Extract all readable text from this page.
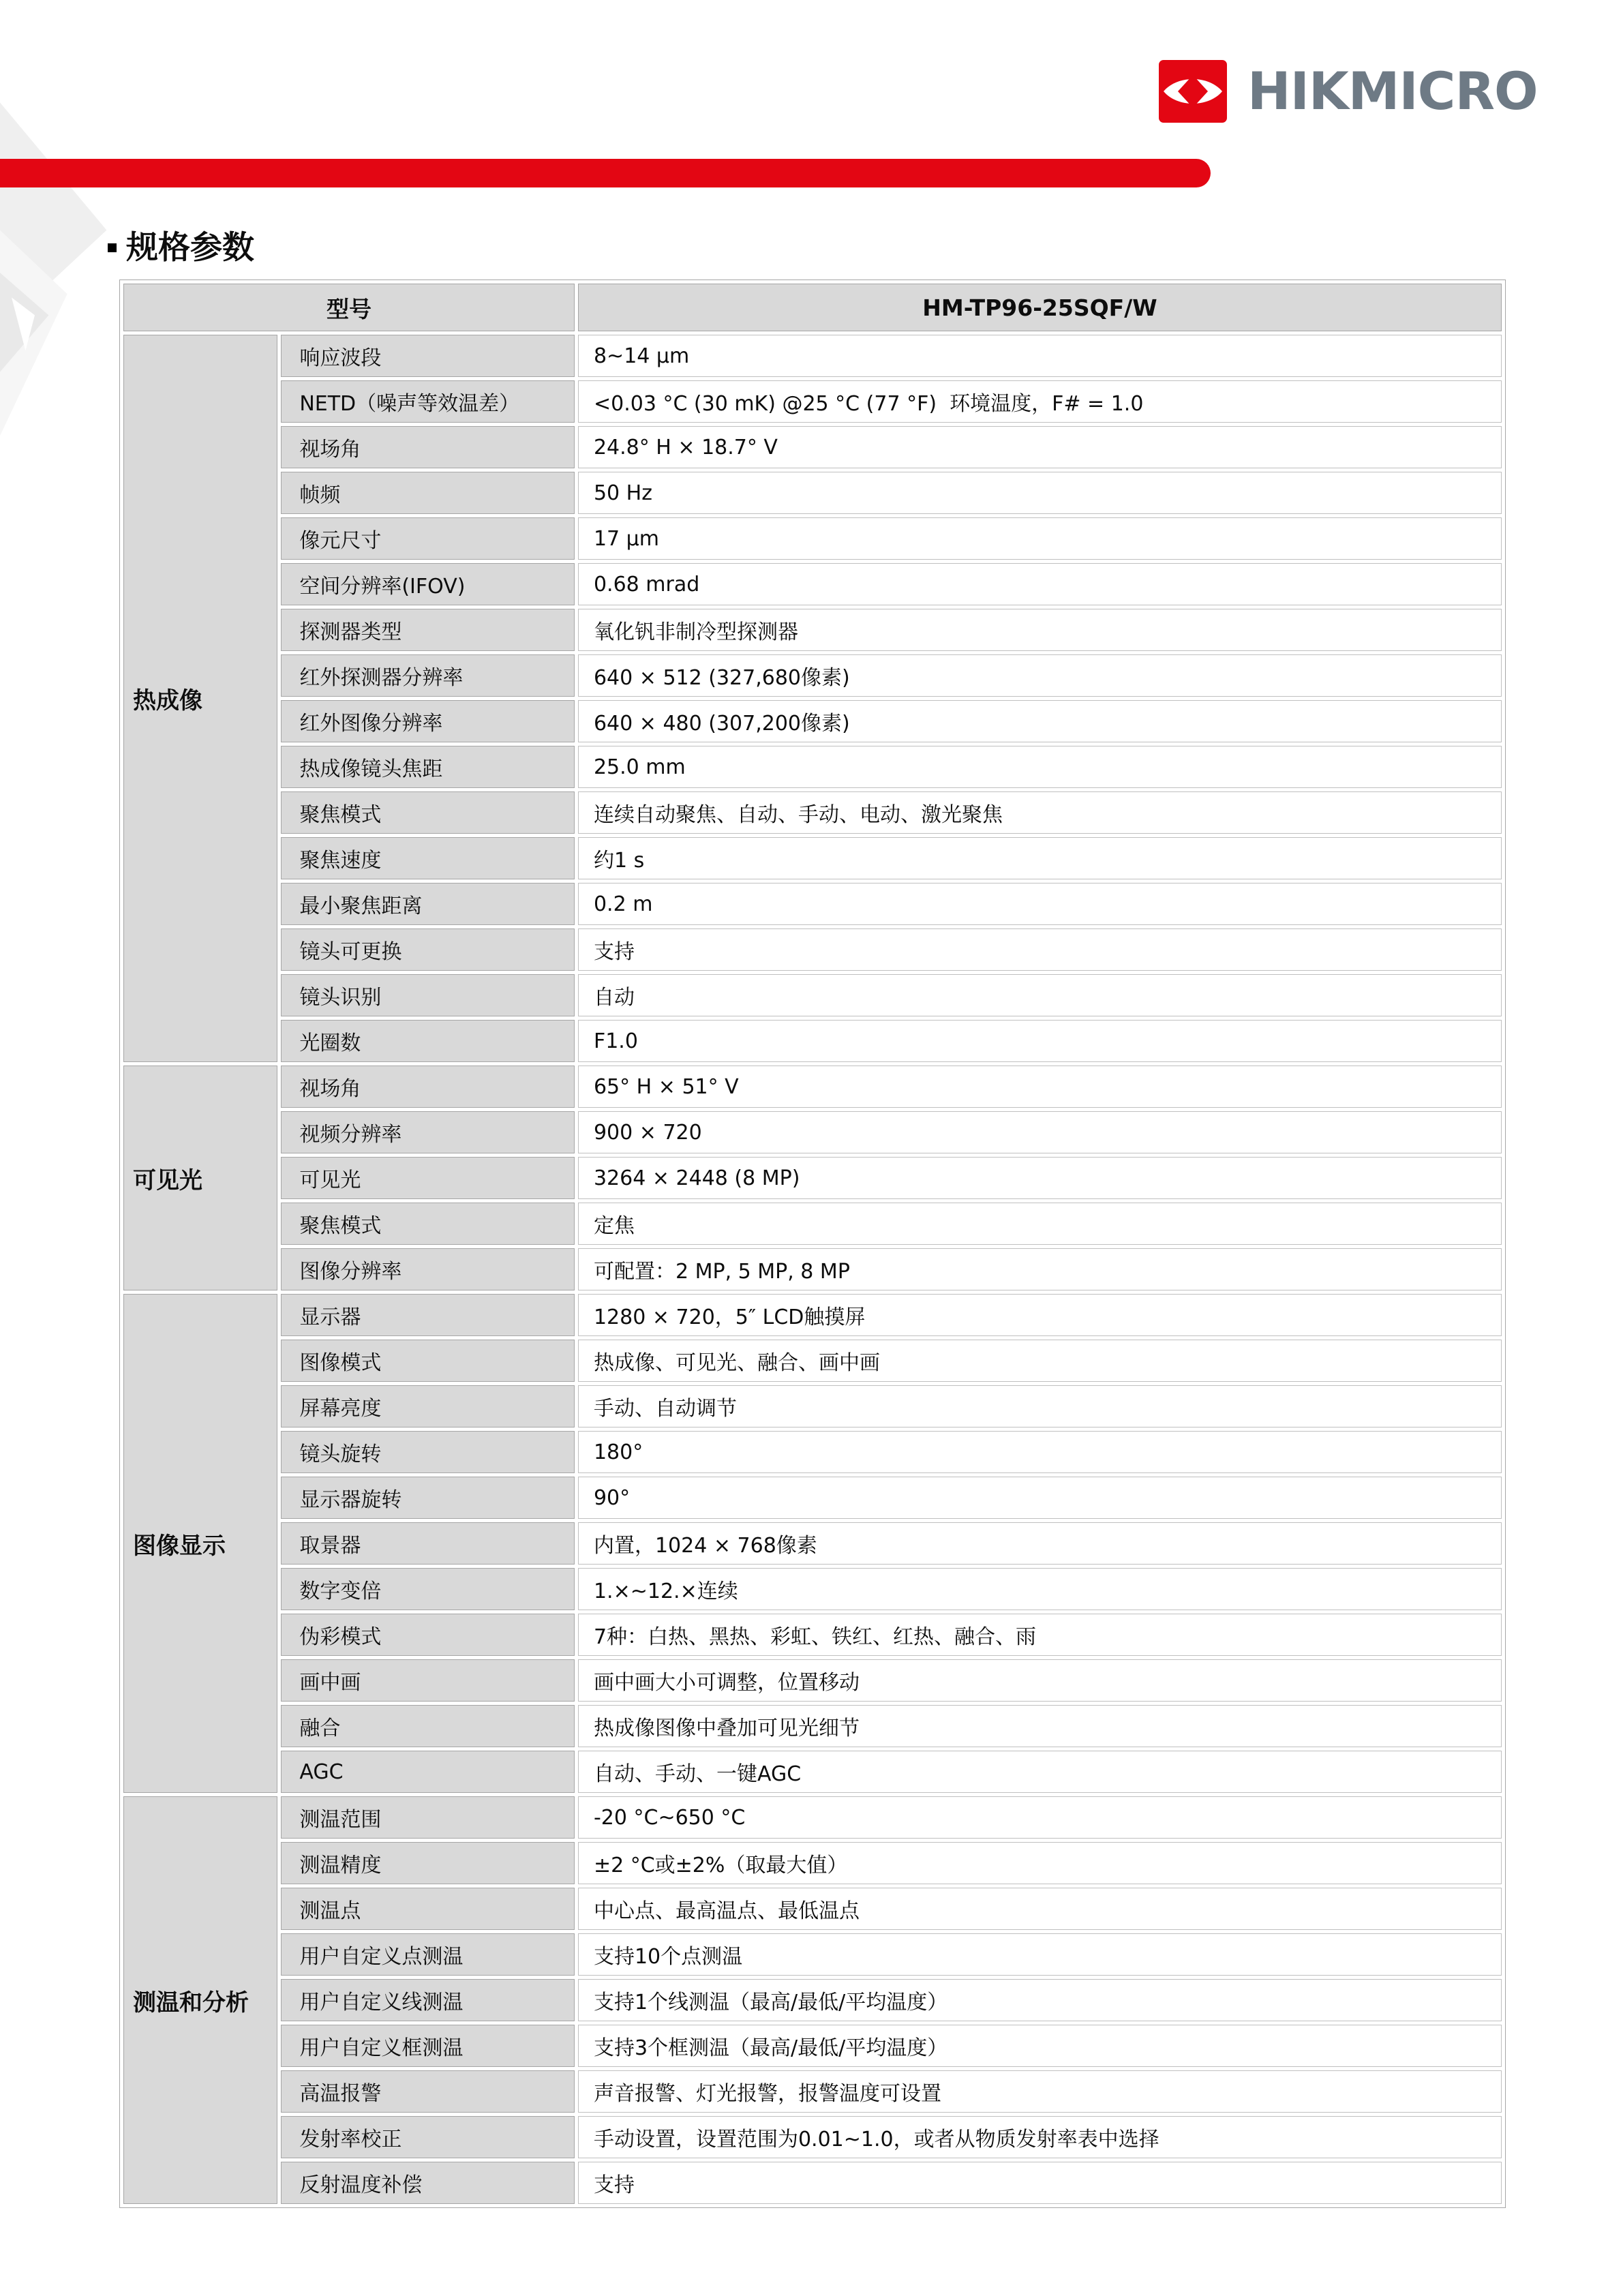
HIKMICRO
规格参数
型号		HM-TP96-25SQF/W
热成像	响应波段	8~14 μm
	NETD（噪声等效温差）	<0.03 °C (30 mK) @25 °C (77 °F)  环境温度，F# = 1.0
	视场角	24.8° H × 18.7° V
	帧频	50 Hz
	像元尺寸	17 μm
	空间分辨率(IFOV)	0.68 mrad
	探测器类型	氧化钒非制冷型探测器
	红外探测器分辨率	640 × 512 (327,680像素)
	红外图像分辨率	640 × 480 (307,200像素)
	热成像镜头焦距	25.0 mm
	聚焦模式	连续自动聚焦、自动、手动、电动、激光聚焦
	聚焦速度	约1 s
	最小聚焦距离	0.2 m
	镜头可更换	支持
	镜头识别	自动
	光圈数	F1.0
可见光	视场角	65° H × 51° V
	视频分辨率	900 × 720
	可见光	3264 × 2448 (8 MP)
	聚焦模式	定焦
	图像分辨率	可配置：2 MP, 5 MP, 8 MP
图像显示	显示器	1280 × 720，5″ LCD触摸屏
	图像模式	热成像、可见光、融合、画中画
	屏幕亮度	手动、自动调节
	镜头旋转	180°
	显示器旋转	90°
	取景器	内置，1024 × 768像素
	数字变倍	1.×~12.×连续
	伪彩模式	7种：白热、黑热、彩虹、铁红、红热、融合、雨
	画中画	画中画大小可调整，位置移动
	融合	热成像图像中叠加可见光细节
	AGC	自动、手动、一键AGC
测温和分析	测温范围	-20 °C~650 °C
	测温精度	±2 °C或±2%（取最大值）
	测温点	中心点、最高温点、最低温点
	用户自定义点测温	支持10个点测温
	用户自定义线测温	支持1个线测温（最高/最低/平均温度）
	用户自定义框测温	支持3个框测温（最高/最低/平均温度）
	高温报警	声音报警、灯光报警，报警温度可设置
	发射率校正	手动设置，设置范围为0.01~1.0，或者从物质发射率表中选择
	反射温度补偿	支持
